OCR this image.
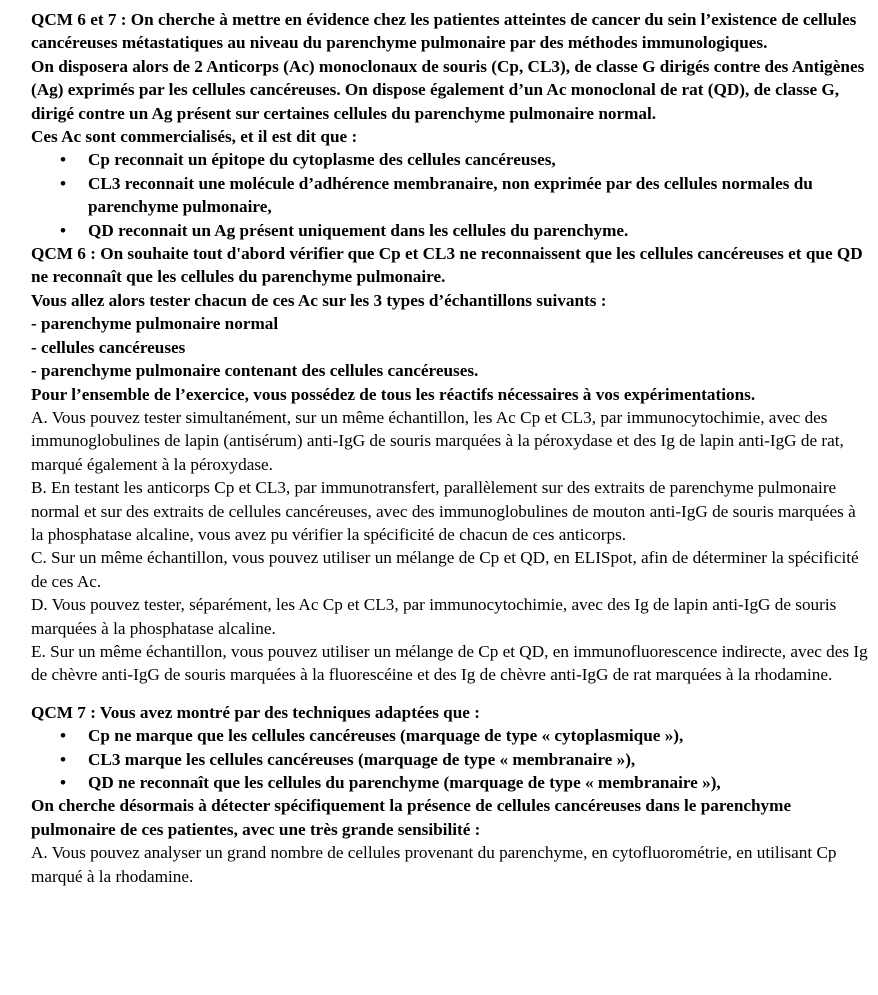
QCM 6 et 7 : On cherche à mettre en évidence chez les patientes atteintes de cancer du sein l’existence de cellules cancéreuses métastatiques au niveau du parenchyme pulmonaire par des méthodes immunologiques.

On disposera alors de 2 Anticorps (Ac) monoclonaux de souris (Cp, CL3), de classe G dirigés contre des Antigènes (Ag) exprimés par les cellules cancéreuses. On dispose également d’un Ac monoclonal de rat (QD), de classe G, dirigé contre un Ag présent sur certaines cellules du parenchyme pulmonaire normal.

Ces Ac sont commercialisés, et il est dit que :

• Cp reconnait un épitope du cytoplasme des cellules cancéreuses,
• CL3 reconnait une molécule d’adhérence membranaire, non exprimée par des cellules normales du parenchyme pulmonaire,
• QD reconnait un Ag présent uniquement dans les cellules du parenchyme.

QCM 6 : On souhaite tout d'abord vérifier que Cp et CL3 ne reconnaissent que les cellules cancéreuses et que QD ne reconnaît que les cellules du parenchyme pulmonaire.

Vous allez alors tester chacun de ces Ac sur les 3 types d’échantillons suivants :

- parenchyme pulmonaire normal

- cellules cancéreuses

- parenchyme pulmonaire contenant des cellules cancéreuses.

Pour l’ensemble de l’exercice, vous possédez de tous les réactifs nécessaires à vos expérimentations.

A. Vous pouvez tester simultanément, sur un même échantillon, les Ac Cp et CL3, par immunocytochimie, avec des immunoglobulines de lapin (antisérum) anti-IgG de souris marquées à la péroxydase et des Ig de lapin anti-IgG de rat, marqué également à la péroxydase.

B. En testant les anticorps Cp et CL3, par immunotransfert, parallèlement sur des extraits de parenchyme pulmonaire normal et sur des extraits de cellules cancéreuses, avec des immunoglobulines de mouton anti-IgG de souris marquées à la phosphatase alcaline, vous avez pu vérifier la spécificité de chacun de ces anticorps.

C. Sur un même échantillon, vous pouvez utiliser un mélange de Cp et QD, en ELISpot, afin de déterminer la spécificité de ces Ac.

D. Vous pouvez tester, séparément, les Ac Cp et CL3, par immunocytochimie, avec des Ig de lapin anti-IgG de souris marquées à la phosphatase alcaline.

E. Sur un même échantillon, vous pouvez utiliser un mélange de Cp et QD, en immunofluorescence indirecte, avec des Ig de chèvre anti-IgG de souris marquées à la fluorescéine et des Ig de chèvre anti-IgG de rat marquées à la rhodamine.

QCM 7 : Vous avez montré par des techniques adaptées que :

• Cp ne marque que les cellules cancéreuses (marquage de type « cytoplasmique »),
• CL3 marque les cellules cancéreuses (marquage de type « membranaire »),
• QD ne reconnaît que les cellules du parenchyme (marquage de type « membranaire »),

On cherche désormais à détecter spécifiquement la présence de cellules cancéreuses dans le parenchyme pulmonaire de ces patientes, avec une très grande sensibilité :

A. Vous pouvez analyser un grand nombre de cellules provenant du parenchyme, en cytofluorométrie, en utilisant Cp marqué à la rhodamine.
